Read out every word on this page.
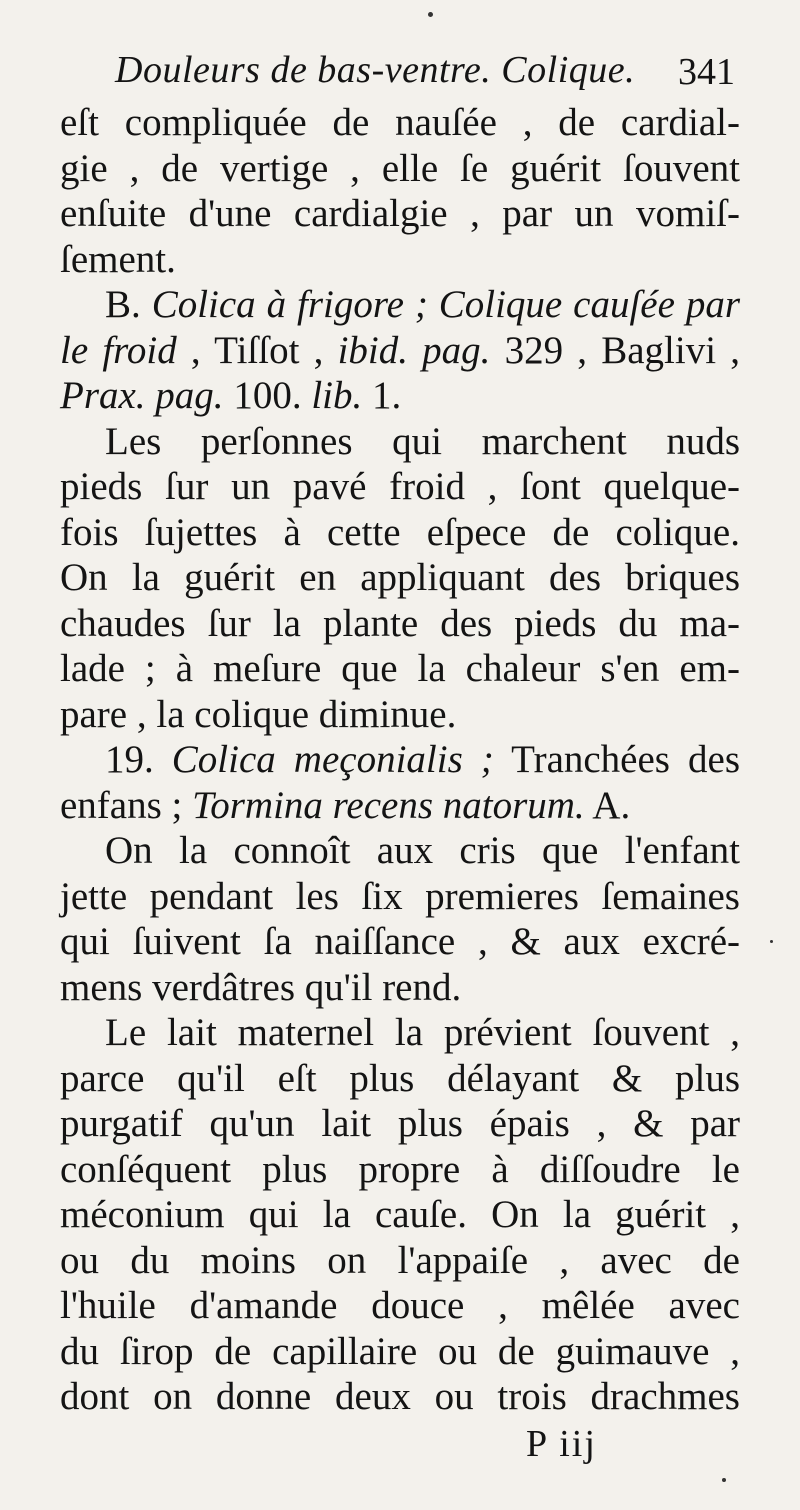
Douleurs de bas-ventre. Colique. 341
eſt compliquée de nauſée , de cardial-
gie , de vertige , elle ſe guérit ſouvent
enſuite d'une cardialgie , par un vomiſ-
ſement.
B. Colica à frigore ; Colique cauſée par
le froid , Tiſſot , ibid. pag. 329 , Baglivi ,
Prax. pag. 100. lib. 1.
Les perſonnes qui marchent nuds
pieds ſur un pavé froid , ſont quelque-
fois ſujettes à cette eſpece de colique.
On la guérit en appliquant des briques
chaudes ſur la plante des pieds du ma-
lade ; à meſure que la chaleur s'en em-
pare , la colique diminue.
19. Colica meçonialis ; Tranchées des
enfans ; Tormina recens natorum. A.
On la connoît aux cris que l'enfant
jette pendant les ſix premieres ſemaines
qui ſuivent ſa naiſſance , & aux excré-
mens verdâtres qu'il rend.
Le lait maternel la prévient ſouvent ,
parce qu'il eſt plus délayant & plus
purgatif qu'un lait plus épais , & par
conſéquent plus propre à diſſoudre le
méconium qui la cauſe. On la guérit ,
ou du moins on l'appaiſe , avec de
l'huile d'amande douce , mêlée avec
du ſirop de capillaire ou de guimauve ,
dont on donne deux ou trois drachmes
P iij
